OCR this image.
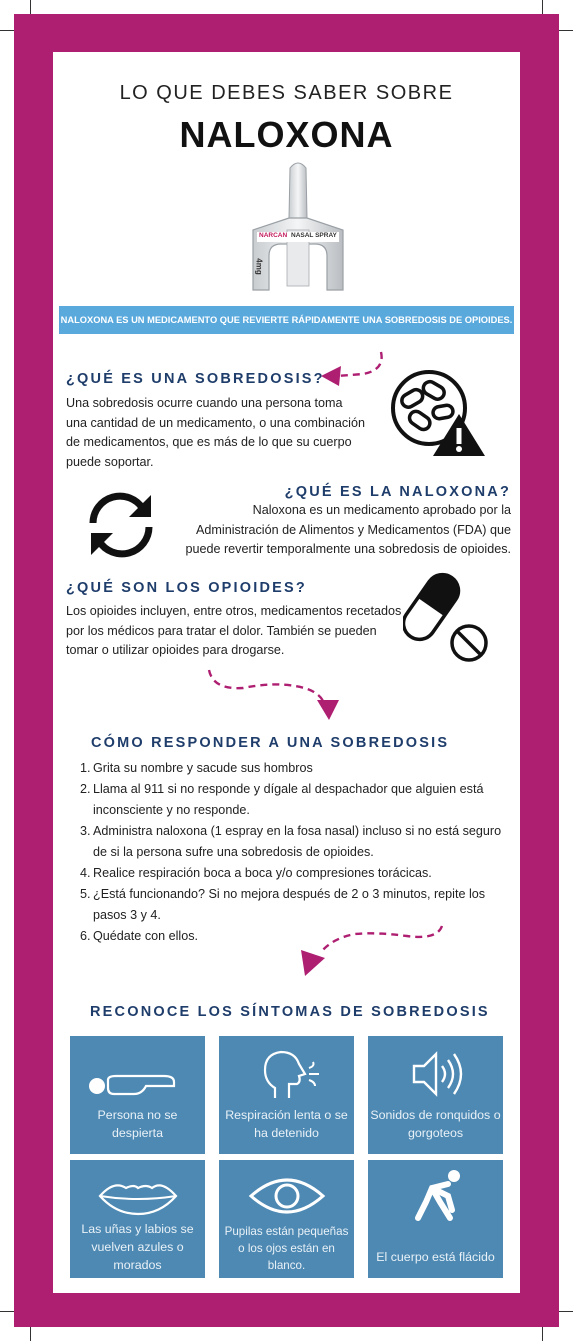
LO QUE DEBES SABER SOBRE
NALOXONA
NARCAN NASAL SPRAY
4mg
NALOXONA ES UN MEDICAMENTO QUE REVIERTE RÁPIDAMENTE UNA SOBREDOSIS DE OPIOIDES.
¿QUÉ ES UNA SOBREDOSIS?
Una sobredosis ocurre cuando una persona toma una cantidad de un medicamento, o una combinación de medicamentos, que es más de lo que su cuerpo puede soportar.
¿QUÉ ES LA NALOXONA?
Naloxona es un medicamento aprobado por la Administración de Alimentos y Medicamentos (FDA) que puede revertir temporalmente una sobredosis de opioides.
¿QUÉ SON LOS OPIOIDES?
Los opioides incluyen, entre otros, medicamentos recetados por los médicos para tratar el dolor. También se pueden tomar o utilizar opioides para drogarse.
CÓMO RESPONDER A UNA SOBREDOSIS
1. Grita su nombre y sacude sus hombros
2. Llama al 911 si no responde y dígale al despachador que alguien está inconsciente y no responde.
3. Administra naloxona (1 espray en la fosa nasal) incluso si no está seguro de si la persona sufre una sobredosis de opioides.
4. Realice respiración boca a boca y/o compresiones torácicas.
5. ¿Está funcionando? Si no mejora después de 2 o 3 minutos, repite los pasos 3 y 4.
6. Quédate con ellos.
RECONOCE LOS SÍNTOMAS DE SOBREDOSIS
Persona no se despierta
Respiración lenta o se ha detenido
Sonidos de ronquidos o gorgoteos
Las uñas y labios se vuelven azules o morados
Pupilas están pequeñas o los ojos están en blanco.
El cuerpo está flácido
